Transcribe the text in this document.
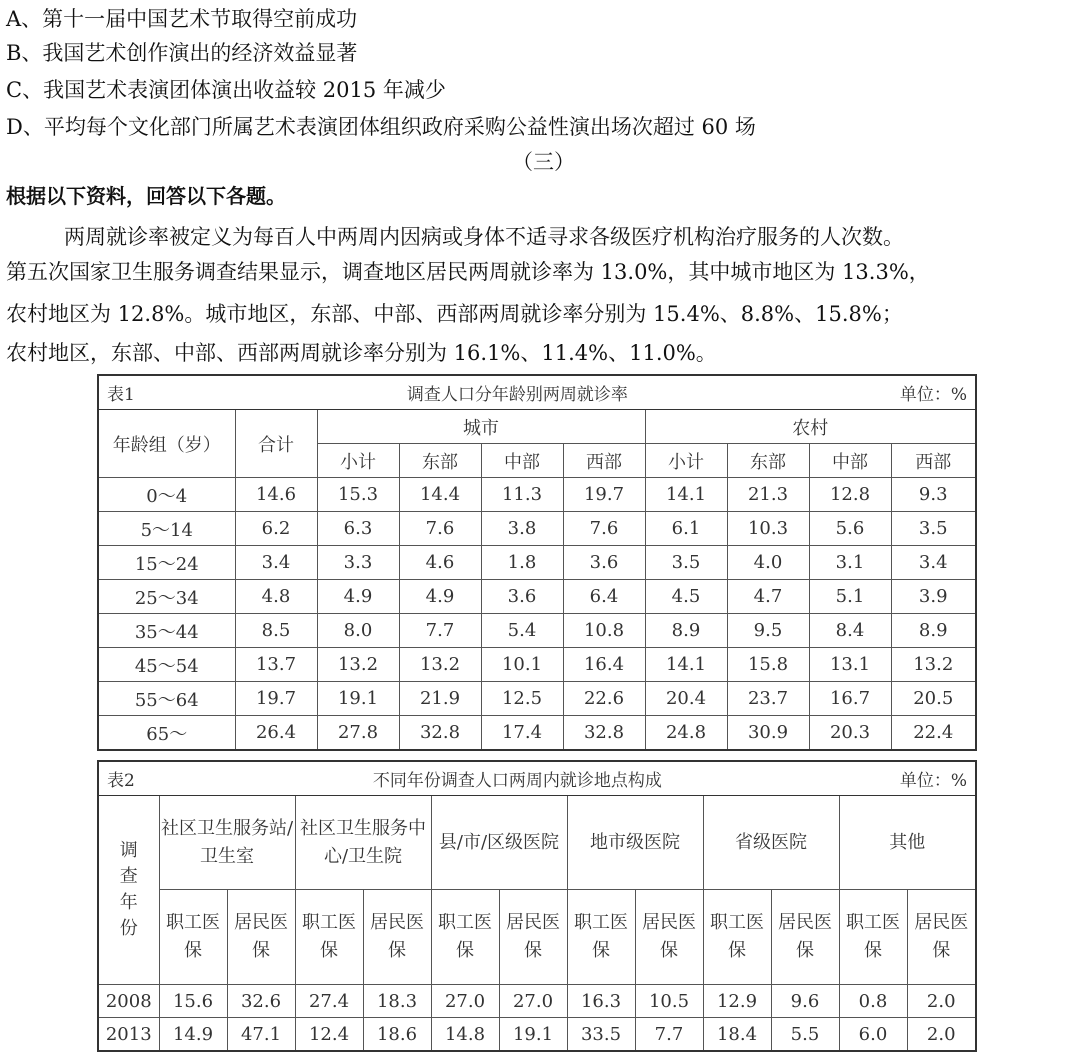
A、第十一届中国艺术节取得空前成功
B、我国艺术创作演出的经济效益显著
C、我国艺术表演团体演出收益较 2015 年减少
D、平均每个文化部门所属艺术表演团体组织政府采购公益性演出场次超过 60 场
（三）
根据以下资料，回答以下各题。
两周就诊率被定义为每百人中两周内因病或身体不适寻求各级医疗机构治疗服务的人次数。
第五次国家卫生服务调查结果显示，调查地区居民两周就诊率为 13.0%，其中城市地区为 13.3%，
农村地区为 12.8%。城市地区，东部、中部、西部两周就诊率分别为 15.4%、8.8%、15.8%；
农村地区，东部、中部、西部两周就诊率分别为 16.1%、11.4%、11.0%。
表1	调查人口分年龄别两周就诊率	单位：%
年龄组（岁）	合计	城市				农村			
		小计	东部	中部	西部	小计	东部	中部	西部
0～4	14.6	15.3	14.4	11.3	19.7	14.1	21.3	12.8	9.3
5～14	6.2	6.3	7.6	3.8	7.6	6.1	10.3	5.6	3.5
15～24	3.4	3.3	4.6	1.8	3.6	3.5	4.0	3.1	3.4
25～34	4.8	4.9	4.9	3.6	6.4	4.5	4.7	5.1	3.9
35～44	8.5	8.0	7.7	5.4	10.8	8.9	9.5	8.4	8.9
45～54	13.7	13.2	13.2	10.1	16.4	14.1	15.8	13.1	13.2
55～64	19.7	19.1	21.9	12.5	22.6	20.4	23.7	16.7	20.5
65～	26.4	27.8	32.8	17.4	32.8	24.8	30.9	20.3	22.4
表2	不同年份调查人口两周内就诊地点构成	单位：%
调查年份	社区卫生服务站/卫生室		社区卫生服务中心/卫生院		县/市/区级医院		地市级医院		省级医院		其他	
	职工医保	居民医保	职工医保	居民医保	职工医保	居民医保	职工医保	居民医保	职工医保	居民医保	职工医保	居民医保
2008	15.6	32.6	27.4	18.3	27.0	27.0	16.3	10.5	12.9	9.6	0.8	2.0
2013	14.9	47.1	12.4	18.6	14.8	19.1	33.5	7.7	18.4	5.5	6.0	2.0
